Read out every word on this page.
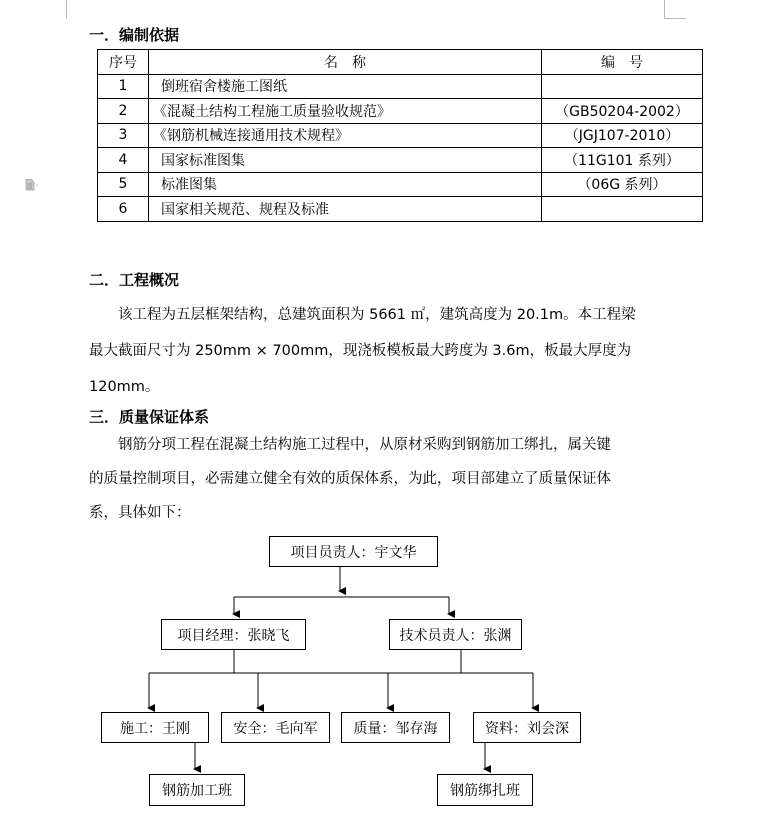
一．编制依据
序号	名　称	编　号
1	倒班宿舍楼施工图纸	
2	《混凝土结构工程施工质量验收规范》	（GB50204-2002）
3	《钢筋机械连接通用技术规程》	（JGJ107-2010）
4	国家标准图集	（11G101 系列）
5	标准图集	（06G 系列）
6	国家相关规范、规程及标准	
二．工程概况

该工程为五层框架结构，总建筑面积为 5661 ㎡，建筑高度为 20.1m。本工程梁

最大截面尺寸为 250mm × 700mm，现浇板模板最大跨度为 3.6m，板最大厚度为

120mm。

三．质量保证体系

钢筋分项工程在混凝土结构施工过程中，从原材采购到钢筋加工绑扎，属关键

的质量控制项目，必需建立健全有效的质保体系，为此，项目部建立了质量保证体

系，具体如下：

项目员责人：宇文华
项目经理：张晓飞	技术员责人：张渊
施工：王刚	安全：毛向军	质量：邹存海	资料：刘会深
钢筋加工班	钢筋绑扎班
